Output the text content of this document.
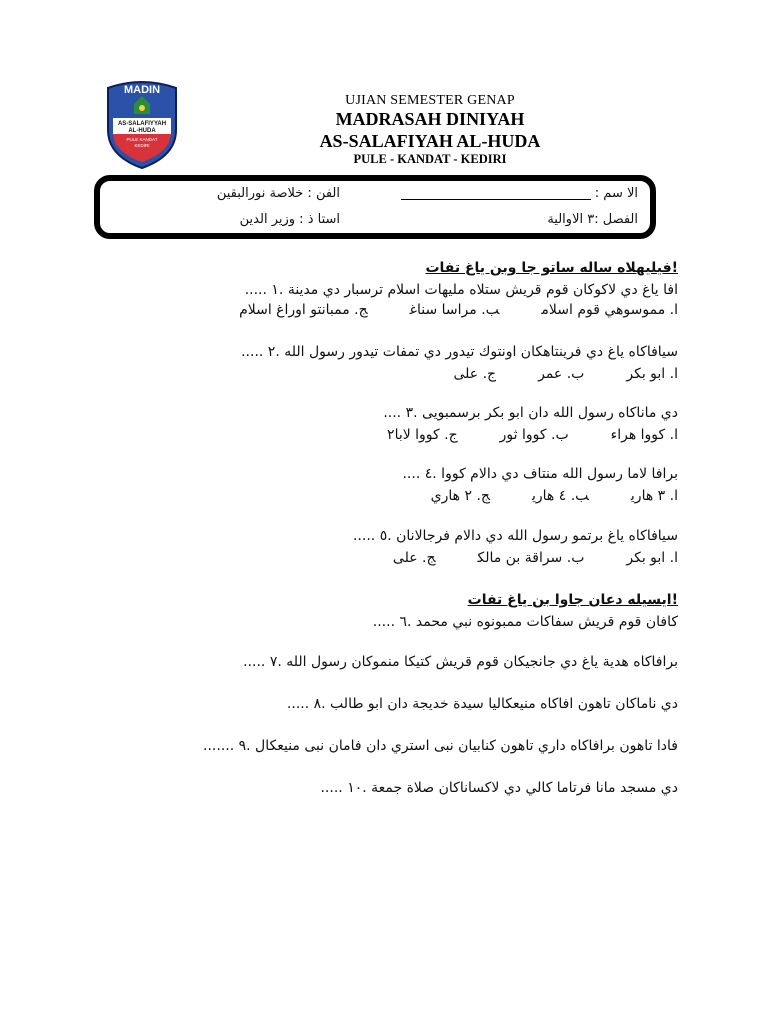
MADIN
AS-SALAFIYYAH
AL-HUDA
PULE KANDAT
KEDIRI
UJIAN SEMESTER GENAP
MADRASAH DINIYAH
AS-SALAFIYAH AL-HUDA
PULE - KANDAT - KEDIRI
الا سم :
الفن : خلاصة نورالبقين
الفصل :٣ الاوالية
استا ذ : وزير الدين
!فيليهلاه ساله ساتو جا وبن ياغ تفات
افا ياغ دي لاكوكان قوم قريش ستلاه مليهات اسلام ترسبار دي مدينة .١ .....
ا. مموسوهي قوم اسلامب. مراسا سناغج. ممبانتو اوراغ اسلام
سيافاكاه ياغ دي فرينتاهكان اونتوك تيدور دي تمفات تيدور رسول الله .٢ .....
ا. ابو بكرب. عمرج. على
دي ماناكاه رسول الله دان ابو بكر برسمبويى .٣ ....
ا. كووا هراءب. كووا ثورج. كووا لابا٢
برافا لاما رسول الله منتاف دي دالام كووا .٤ ....
ا. ٣ هاريب. ٤ هاريج. ٢ هاري
سيافاكاه ياغ برتمو رسول الله دي دالام فرجالانان .٥ .....
ا. ابو بكرب. سراقة بن مالكج. على
!ايسيله دعان جاوا بن ياغ تفات
كافان قوم قريش سفاكات ممبونوه نبي محمد .٦ .....
برافاكاه هدية ياغ دي جانجيكان قوم قريش كتيكا منموكان رسول الله .٧ .....
دي ناماكان تاهون افاكاه منيعكاليا سيدة خديجة دان ابو طالب .٨ .....
فادا تاهون برافاكاه داري تاهون كنابيان نبى استري دان فامان نبى منيعكال .٩ .......
دي مسجد مانا فرتاما كالي دي لاكساناكان صلاة جمعة .١٠ .....
